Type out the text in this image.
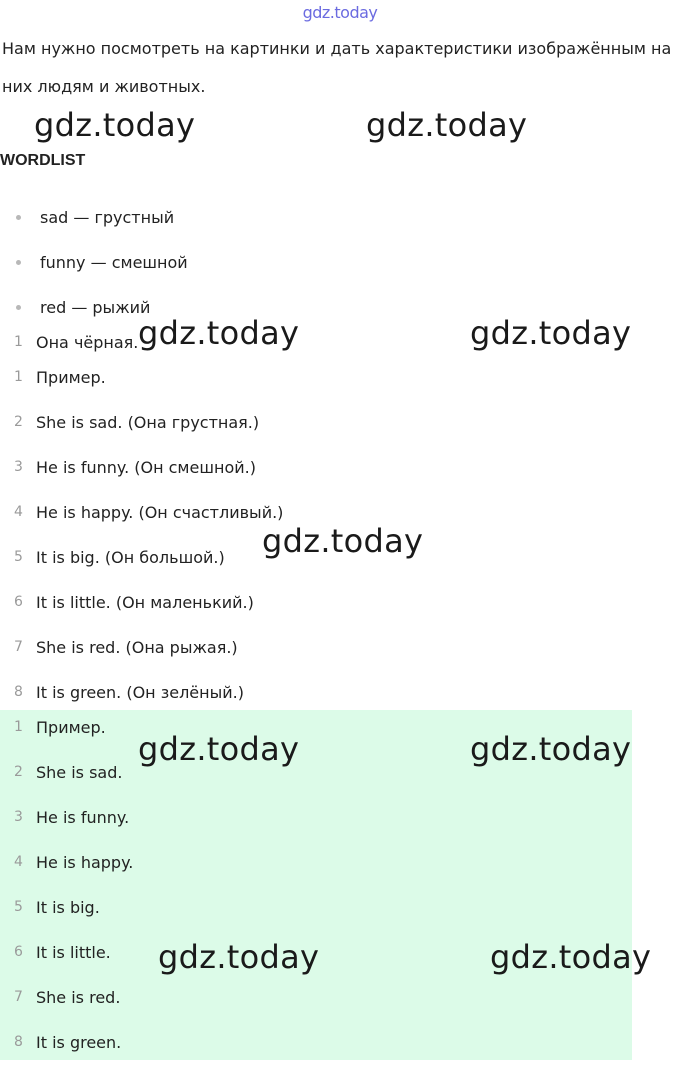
gdz.today
Нам нужно посмотреть на картинки и дать характеристики изображённым на них людям и животных.
WORDLIST
sad — грустный
funny — смешной
red — рыжий
1 Она чёрная.
1 Пример.
2 She is sad. (Она грустная.)
3 He is funny. (Он смешной.)
4 He is happy. (Он счастливый.)
5 It is big. (Он большой.)
6 It is little. (Он маленький.)
7 She is red. (Она рыжая.)
8 It is green. (Он зелёный.)
1 Пример.
2 She is sad.
3 He is funny.
4 He is happy.
5 It is big.
6 It is little.
7 She is red.
8 It is green.
gdz.today	gdz.today
gdz.today	gdz.today
gdz.today
gdz.today	gdz.today
gdz.today	gdz.today
